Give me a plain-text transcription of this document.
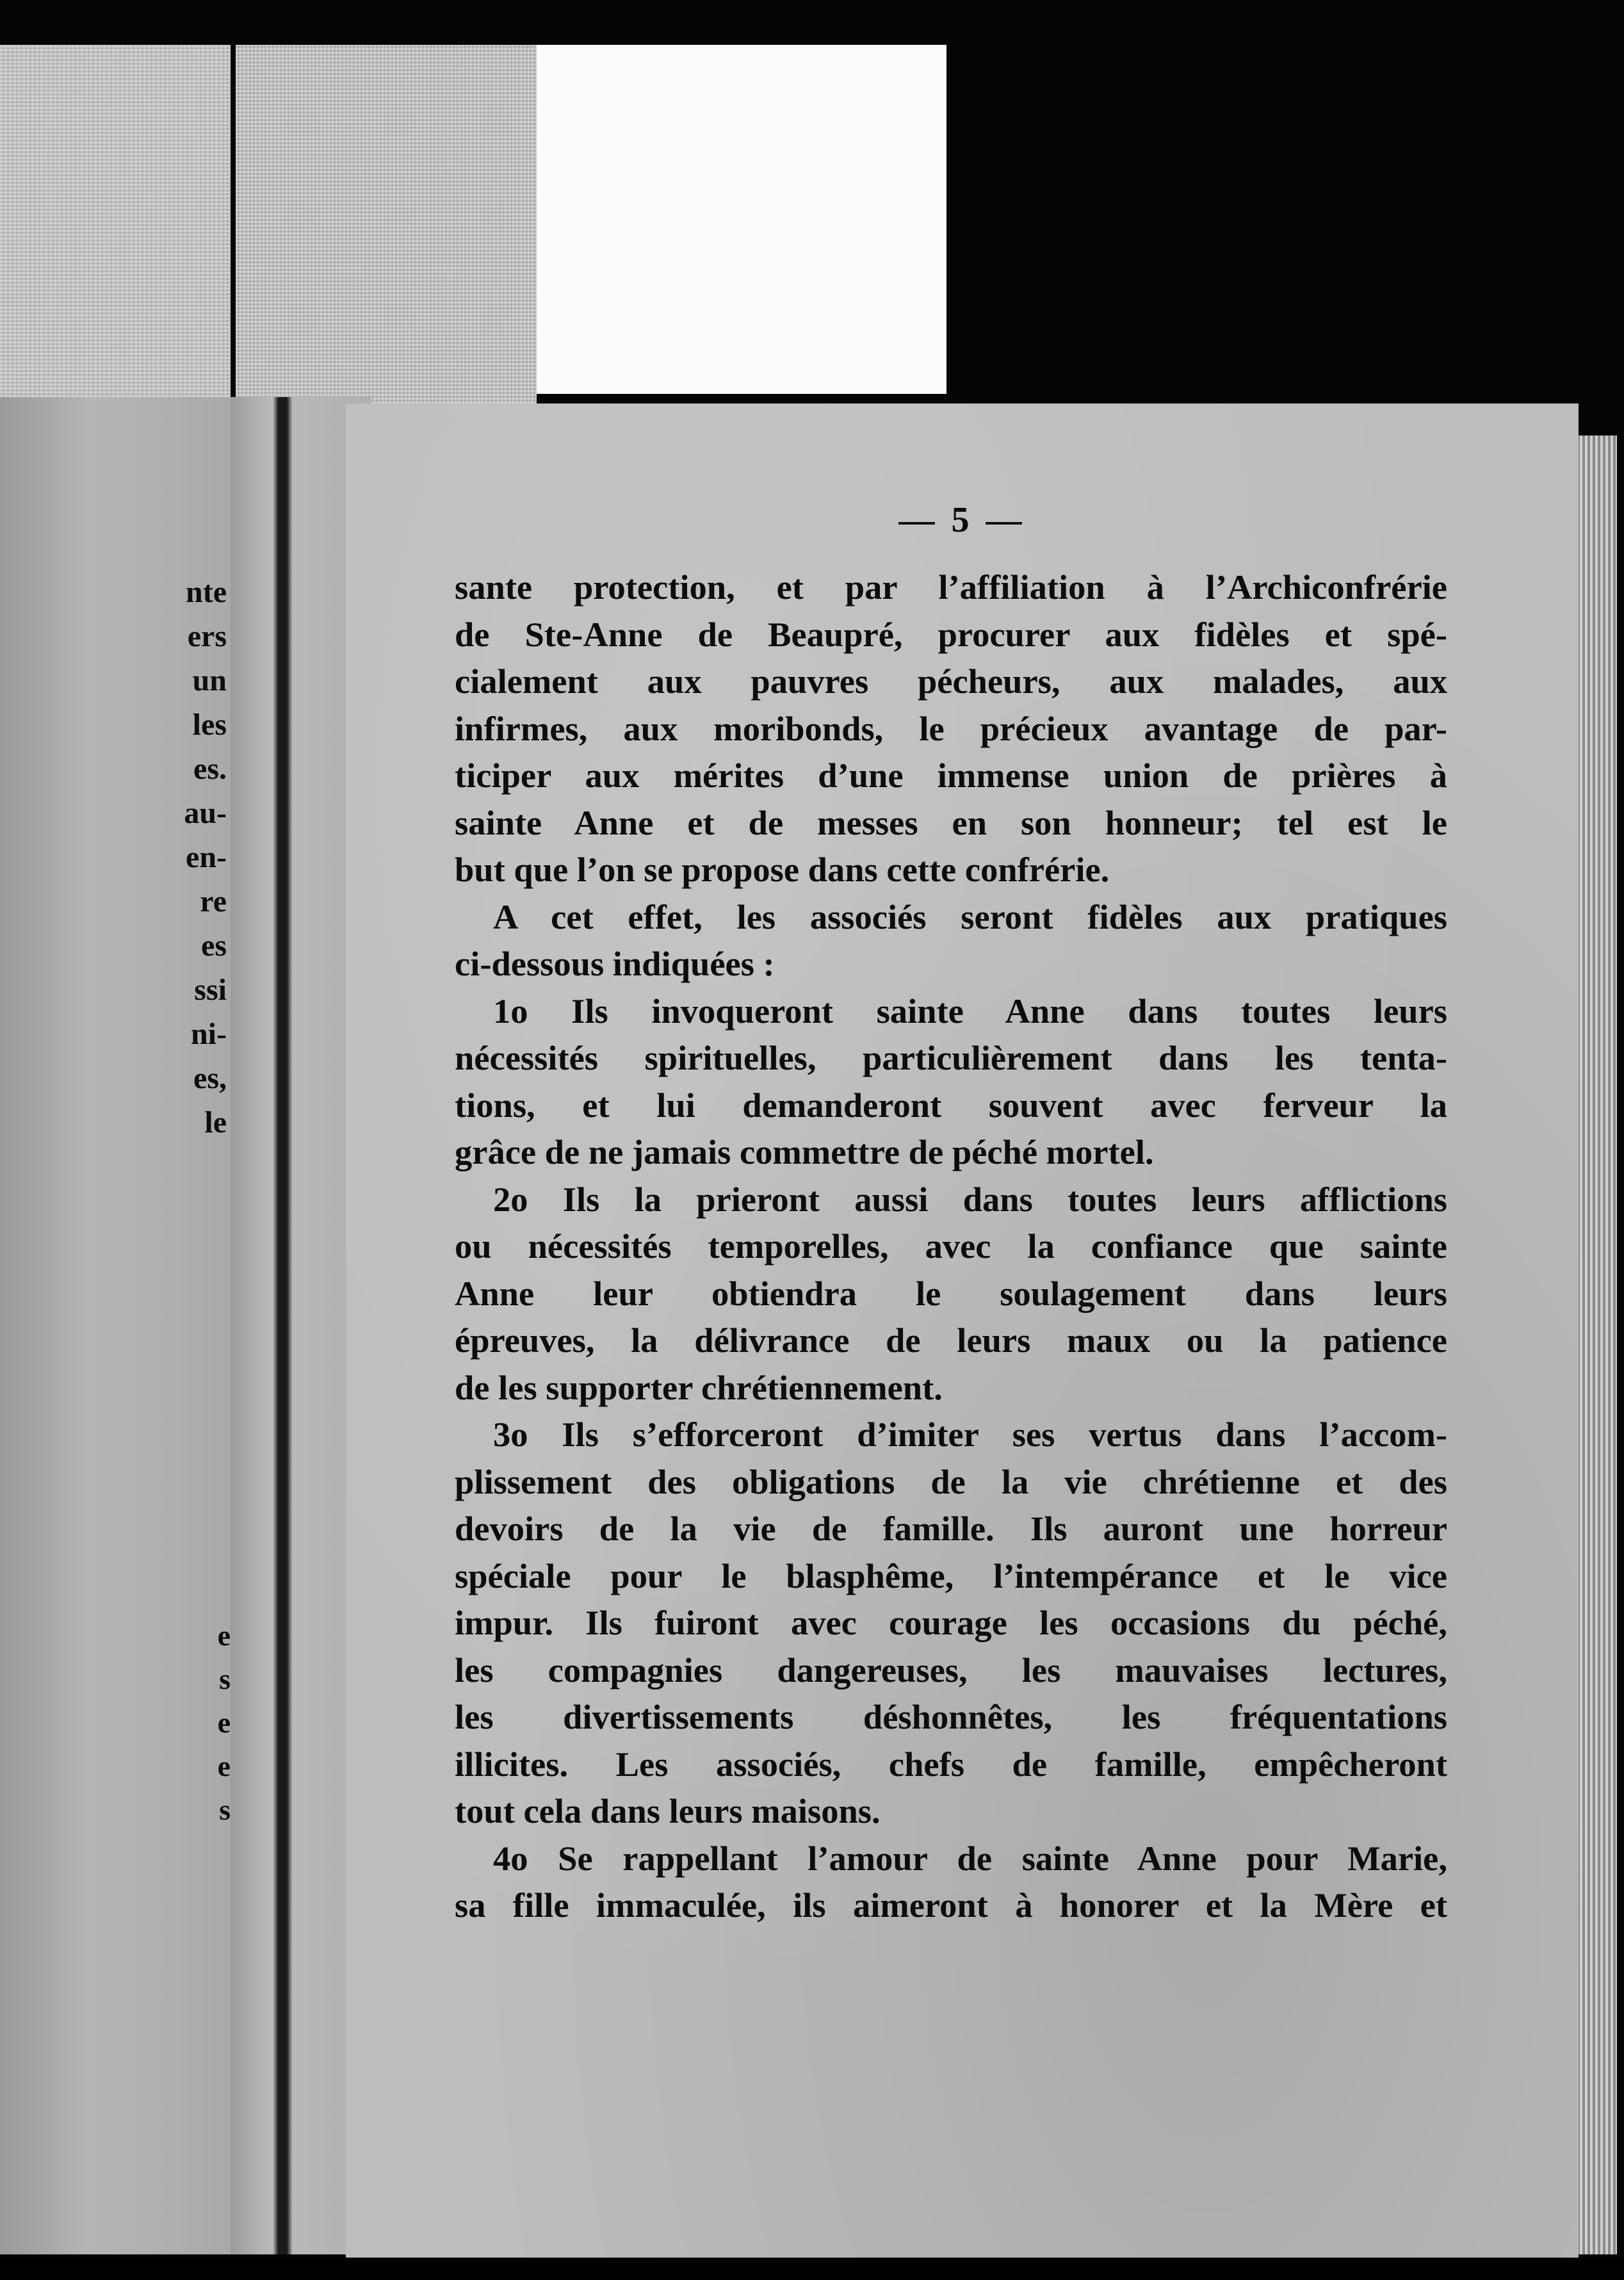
nte
ers
un
les
es.
au-
en-
re
es
ssi
ni-
es,
le
e
s
e
e
s
— 5 —

sante protection, et par l’affiliation à l’Archiconfrérie

de Ste-Anne de Beaupré, procurer aux fidèles et spé-

cialement aux pauvres pécheurs, aux malades, aux

infirmes, aux moribonds, le précieux avantage de par-

ticiper aux mérites d’une immense union de prières à

sainte Anne et de messes en son honneur; tel est le

but que l’on se propose dans cette confrérie.

A cet effet, les associés seront fidèles aux pratiques

ci-dessous indiquées :

1o Ils invoqueront sainte Anne dans toutes leurs

nécessités spirituelles, particulièrement dans les tenta-

tions, et lui demanderont souvent avec ferveur la

grâce de ne jamais commettre de péché mortel.

2o Ils la prieront aussi dans toutes leurs afflictions

ou nécessités temporelles, avec la confiance que sainte

Anne leur obtiendra le soulagement dans leurs

épreuves, la délivrance de leurs maux ou la patience

de les supporter chrétiennement.

3o Ils s’efforceront d’imiter ses vertus dans l’accom-

plissement des obligations de la vie chrétienne et des

devoirs de la vie de famille. Ils auront une horreur

spéciale pour le blasphême, l’intempérance et le vice

impur. Ils fuiront avec courage les occasions du péché,

les compagnies dangereuses, les mauvaises lectures,

les divertissements déshonnêtes, les fréquentations

illicites. Les associés, chefs de famille, empêcheront

tout cela dans leurs maisons.

4o Se rappellant l’amour de sainte Anne pour Marie,

sa fille immaculée, ils aimeront à honorer et la Mère et
